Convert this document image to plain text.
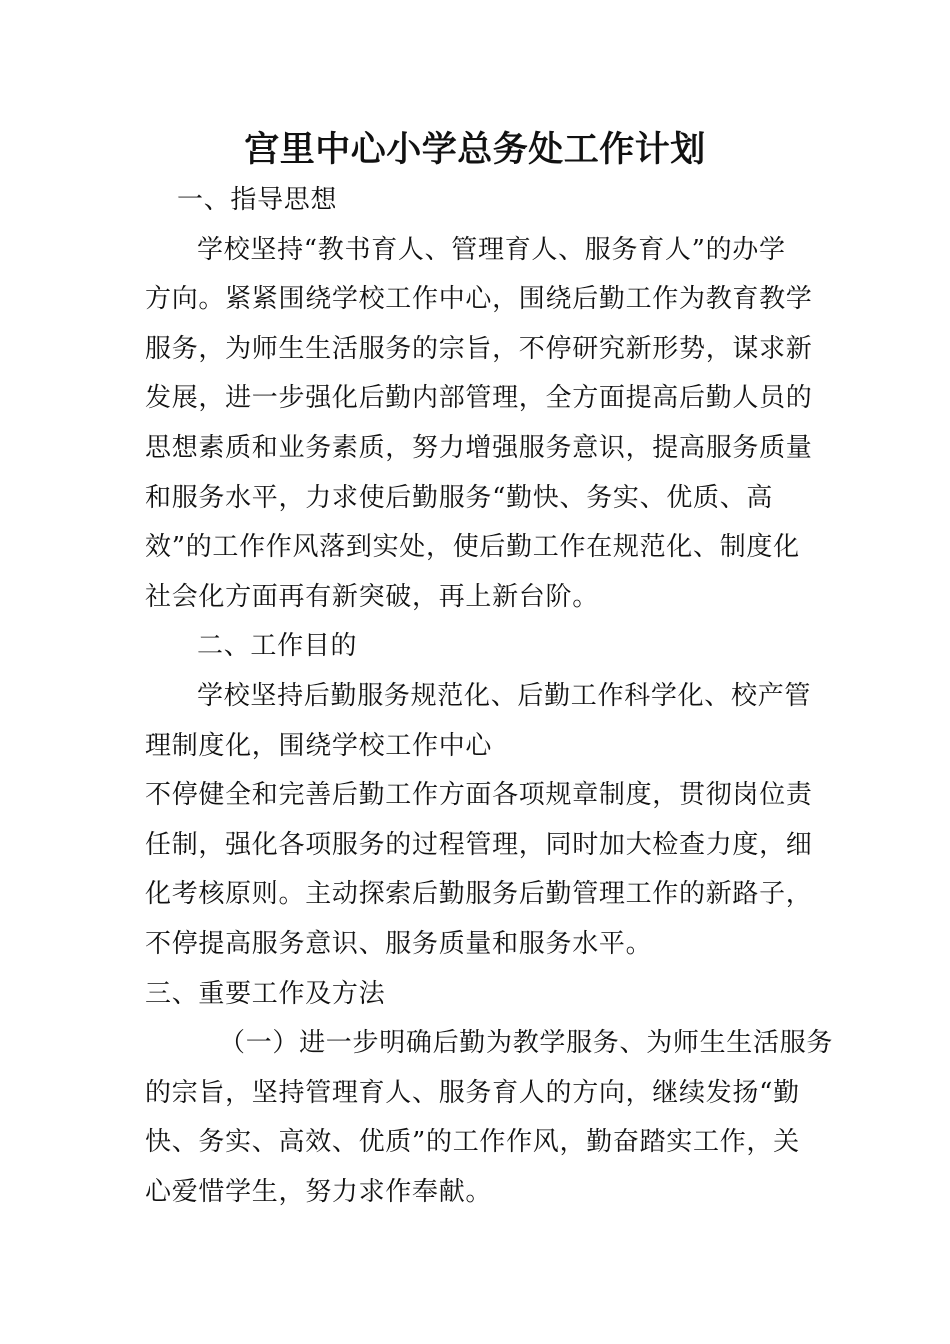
宫里中心小学总务处工作计划
一、指导思想
学校坚持“教书育人、管理育人、服务育人”的办学
方向。紧紧围绕学校工作中心，围绕后勤工作为教育教学
服务，为师生生活服务的宗旨，不停研究新形势，谋求新
发展，进一步强化后勤内部管理，全方面提高后勤人员的
思想素质和业务素质，努力增强服务意识，提高服务质量
和服务水平，力求使后勤服务“勤快、务实、优质、高
效”的工作作风落到实处，使后勤工作在规范化、制度化
社会化方面再有新突破，再上新台阶。
二、工作目的
学校坚持后勤服务规范化、后勤工作科学化、校产管
理制度化，围绕学校工作中心
不停健全和完善后勤工作方面各项规章制度，贯彻岗位责
任制，强化各项服务的过程管理，同时加大检查力度，细
化考核原则。主动探索后勤服务后勤管理工作的新路子，
不停提高服务意识、服务质量和服务水平。
三、重要工作及方法
（一）进一步明确后勤为教学服务、为师生生活服务
的宗旨，坚持管理育人、服务育人的方向，继续发扬“勤
快、务实、高效、优质”的工作作风，勤奋踏实工作，关
心爱惜学生，努力求作奉献。
